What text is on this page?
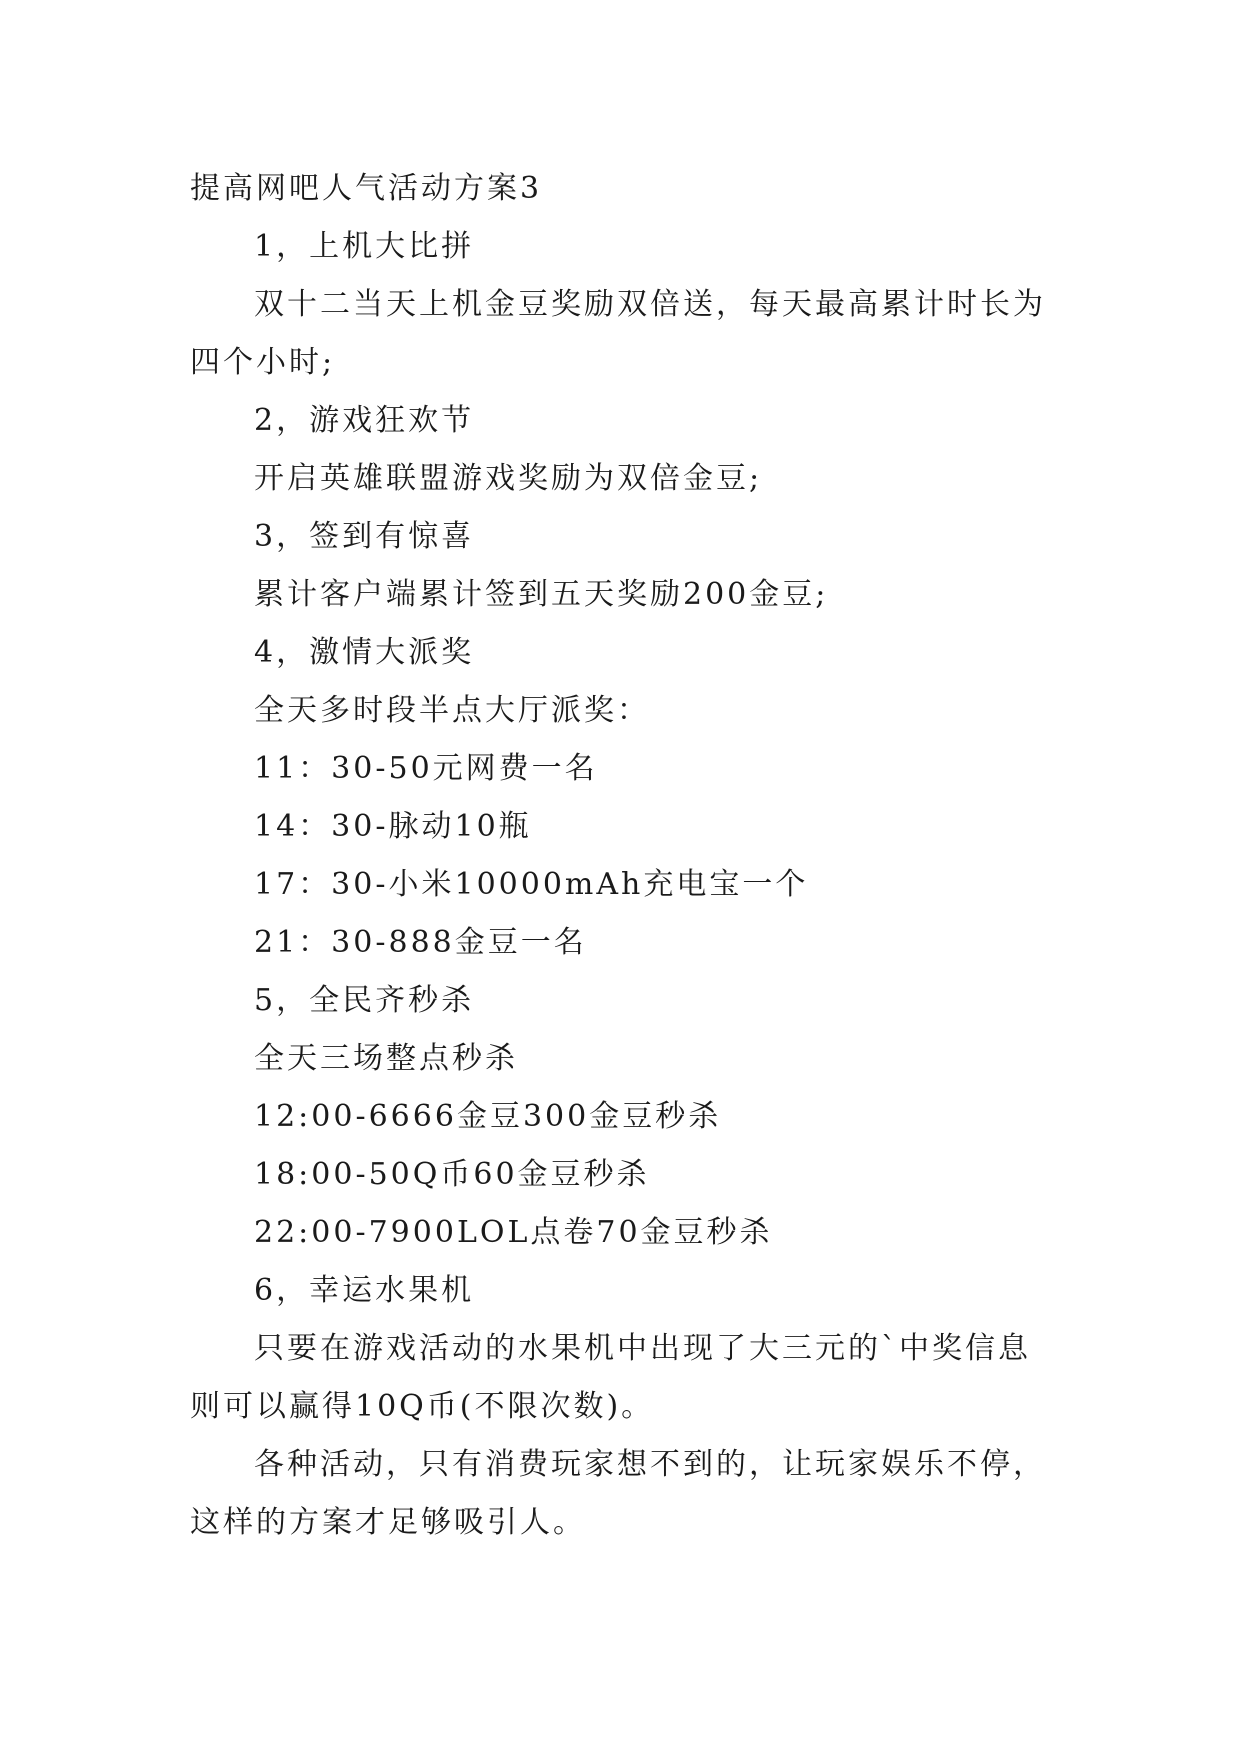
提高网吧人气活动方案3
1，上机大比拼
双十二当天上机金豆奖励双倍送，每天最高累计时长为
四个小时;
2，游戏狂欢节
开启英雄联盟游戏奖励为双倍金豆;
3，签到有惊喜
累计客户端累计签到五天奖励200金豆;
4，激情大派奖
全天多时段半点大厅派奖：
11：30-50元网费一名
14：30-脉动10瓶
17：30-小米10000mAh充电宝一个
21：30-888金豆一名
5，全民齐秒杀
全天三场整点秒杀
12:00-6666金豆300金豆秒杀
18:00-50Q币60金豆秒杀
22:00-7900LOL点卷70金豆秒杀
6，幸运水果机
只要在游戏活动的水果机中出现了大三元的`中奖信息
则可以赢得10Q币(不限次数)。
各种活动，只有消费玩家想不到的，让玩家娱乐不停，
这样的方案才足够吸引人。
